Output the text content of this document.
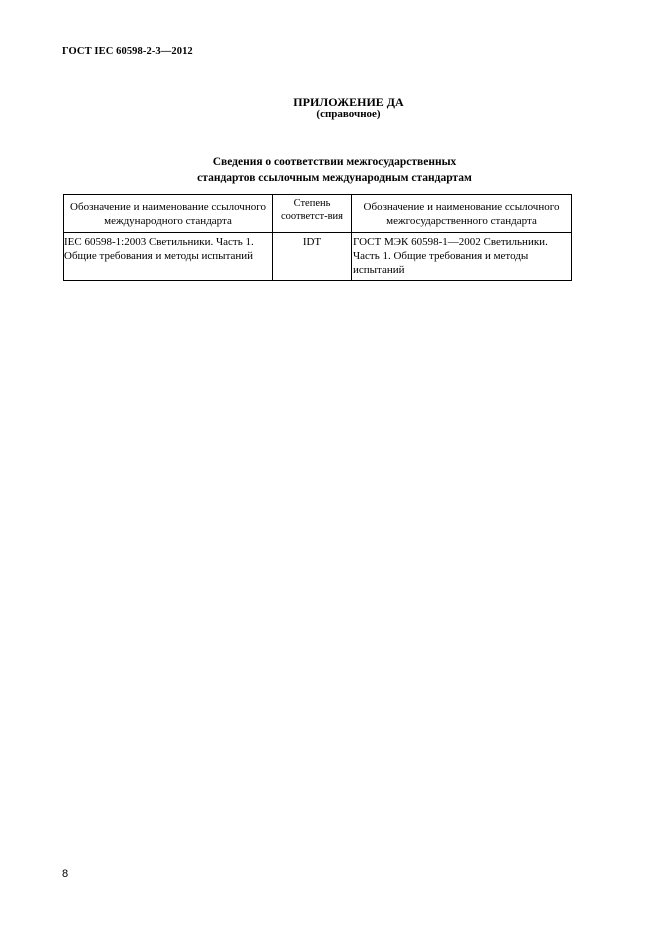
ГОСТ IEC 60598-2-3—2012
ПРИЛОЖЕНИЕ ДА
(справочное)
Сведения о соответствии межгосударственных
стандартов ссылочным международным стандартам
Обозначение и наименование ссылочного международного стандарта	Степень соответст-вия	Обозначение и наименование ссылочного межгосударственного стандарта
IEC 60598-1:2003 Светильники. Часть 1. Общие требования и методы испытаний	IDT	ГОСТ МЭК 60598-1—2002 Светильники. Часть 1. Общие требования и методы испытаний
8
